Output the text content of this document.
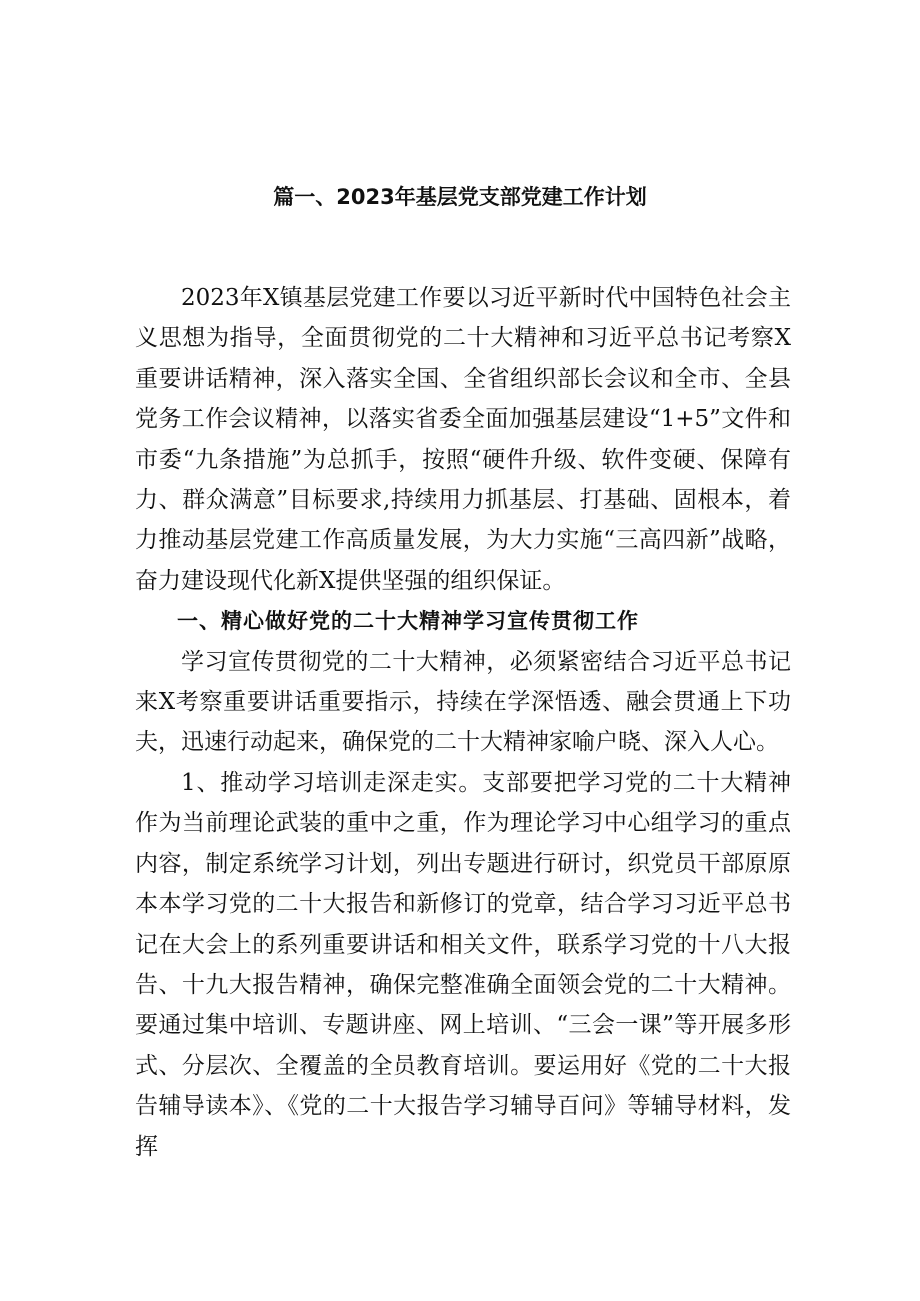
篇一、2023年基层党支部党建工作计划

2023年X镇基层党建工作要以习近平新时代中国特色社会主义思想为指导，全面贯彻党的二十大精神和习近平总书记考察X重要讲话精神，深入落实全国、全省组织部长会议和全市、全县党务工作会议精神，以落实省委全面加强基层建设“1+5”文件和市委“九条措施”为总抓手，按照“硬件升级、软件变硬、保障有力、群众满意”目标要求,持续用力抓基层、打基础、固根本，着力推动基层党建工作高质量发展，为大力实施“三高四新”战略，奋力建设现代化新X提供坚强的组织保证。

一、精心做好党的二十大精神学习宣传贯彻工作

学习宣传贯彻党的二十大精神，必须紧密结合习近平总书记来X考察重要讲话重要指示，持续在学深悟透、融会贯通上下功夫，迅速行动起来，确保党的二十大精神家喻户晓、深入人心。

1、推动学习培训走深走实。支部要把学习党的二十大精神作为当前理论武装的重中之重，作为理论学习中心组学习的重点内容，制定系统学习计划，列出专题进行研讨，织党员干部原原本本学习党的二十大报告和新修订的党章，结合学习习近平总书记在大会上的系列重要讲话和相关文件，联系学习党的十八大报告、十九大报告精神，确保完整准确全面领会党的二十大精神。要通过集中培训、专题讲座、网上培训、“三会一课”等开展多形式、分层次、全覆盖的全员教育培训。要运用好《党的二十大报告辅导读本》、《党的二十大报告学习辅导百问》等辅导材料，发挥
